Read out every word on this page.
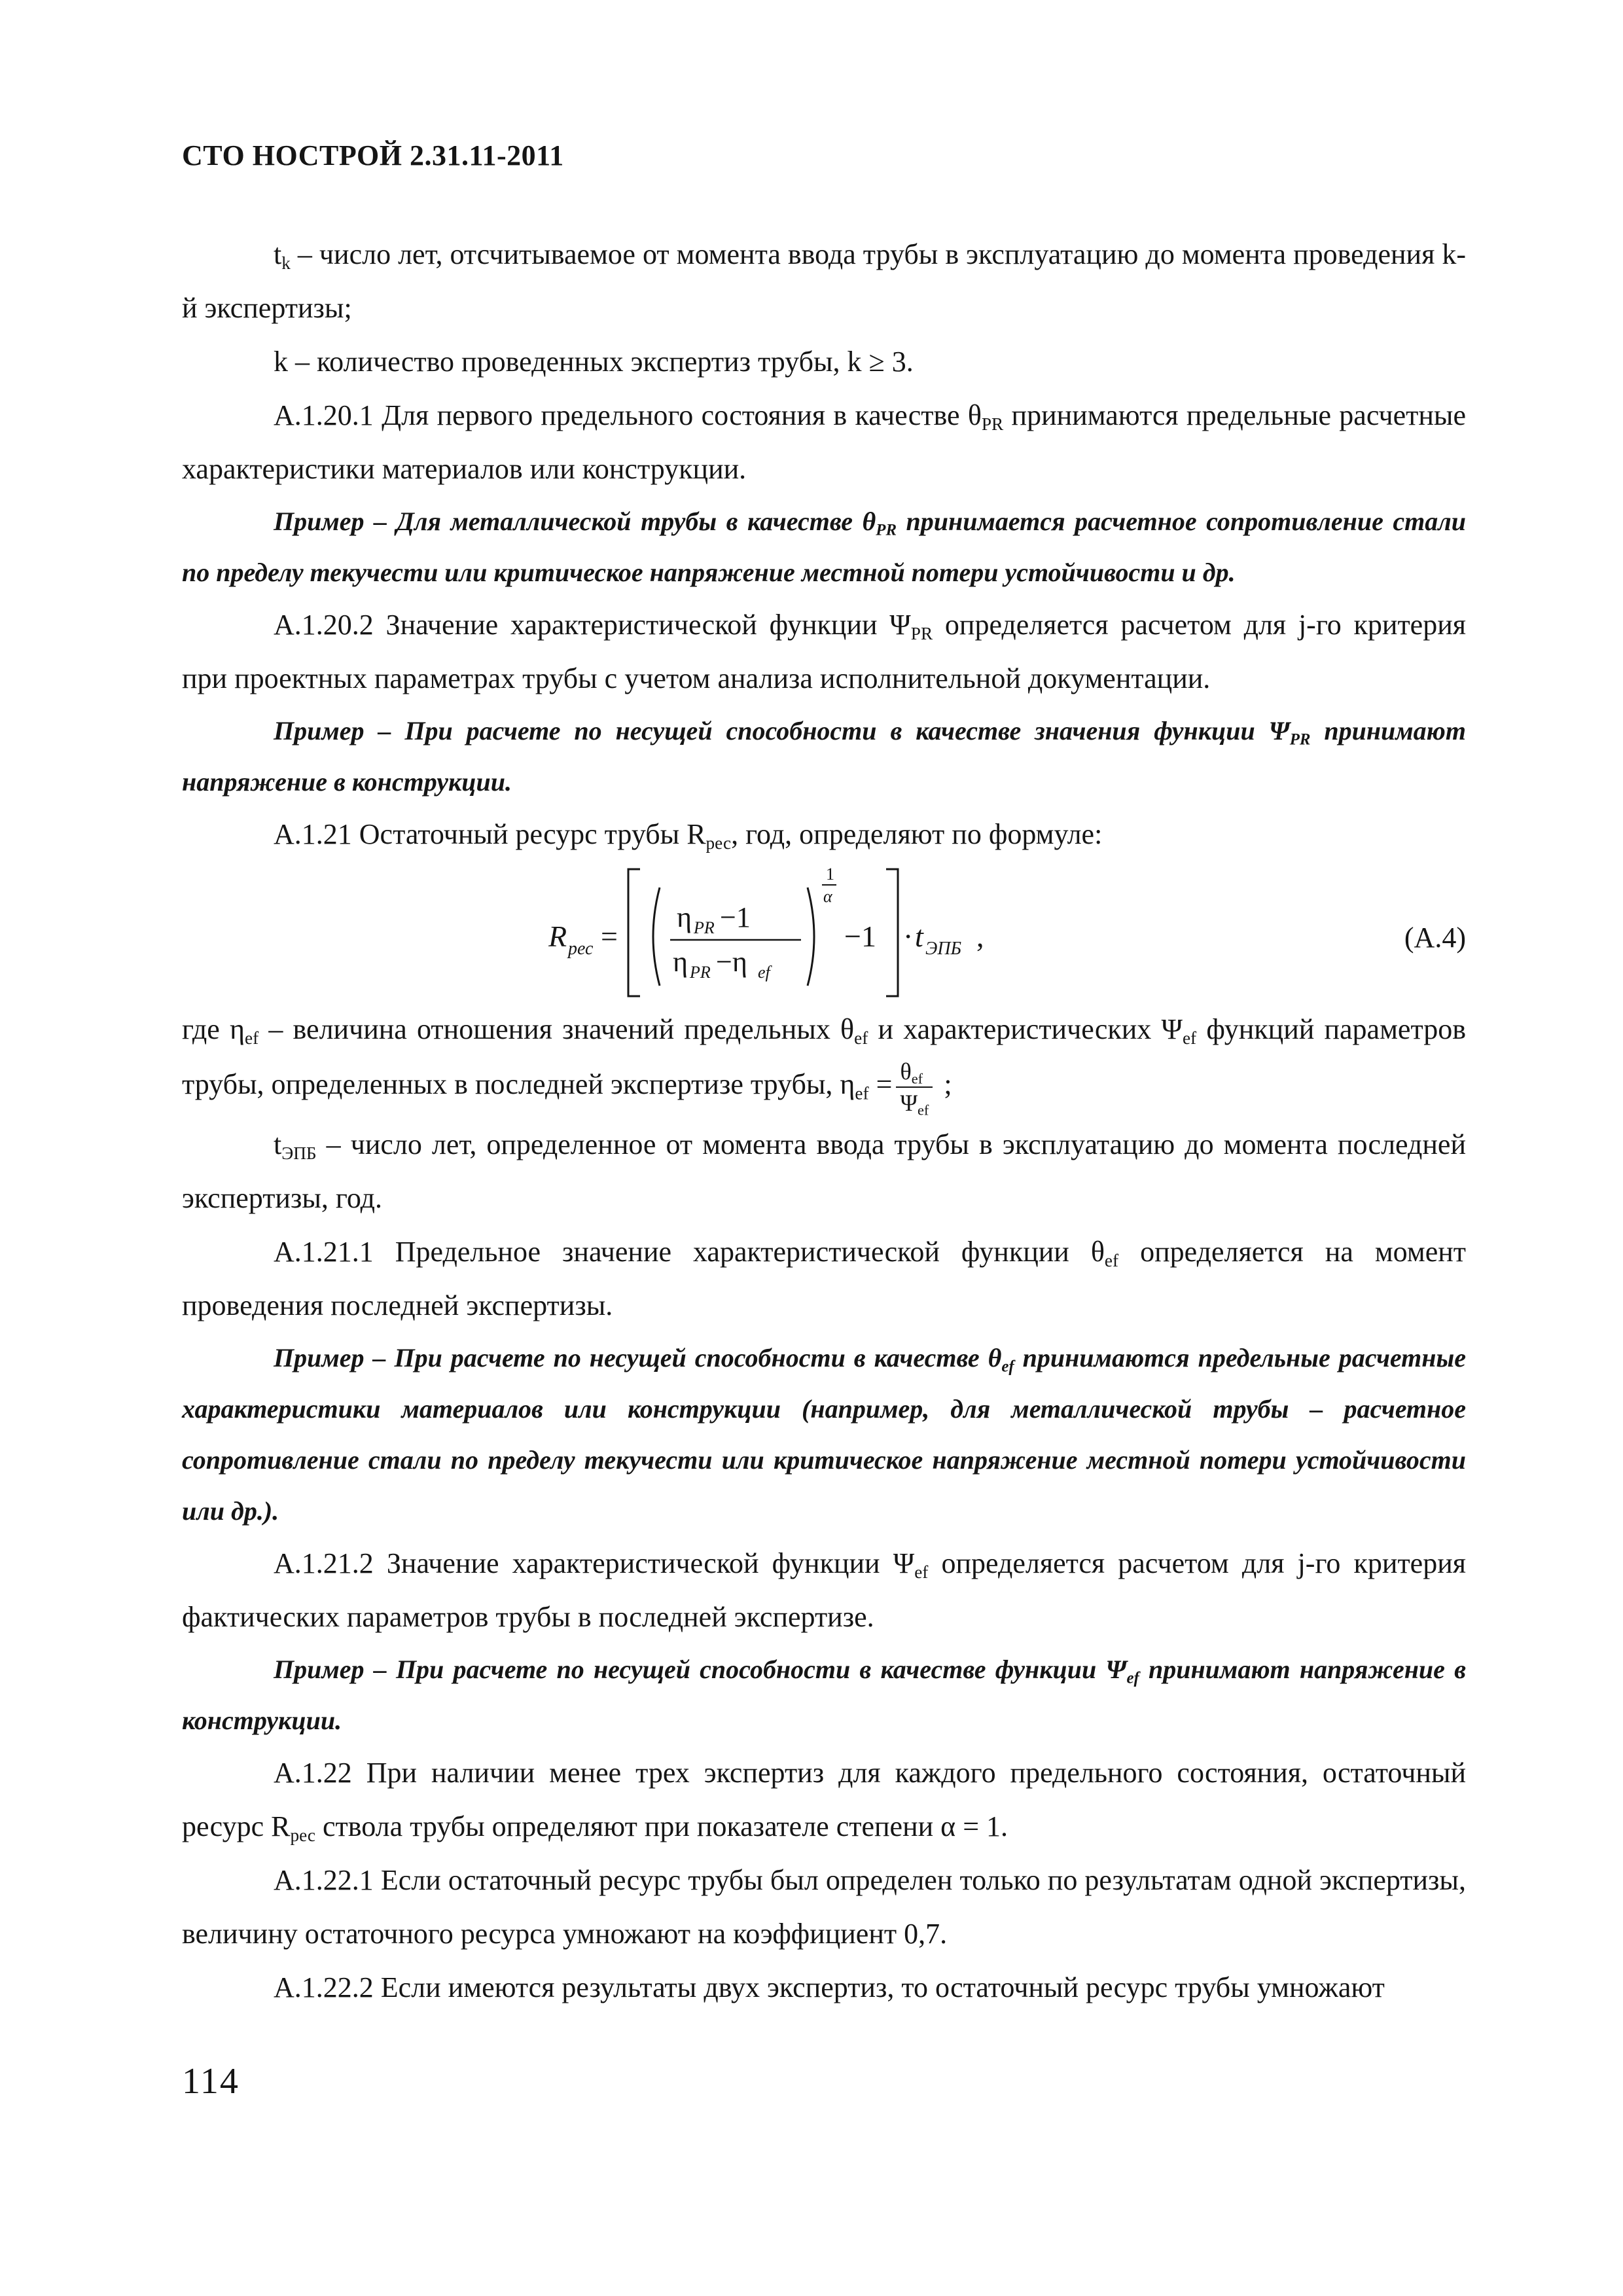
СТО НОСТРОЙ 2.31.11-2011

$t_k$ – число лет, отсчитываемое от момента ввода трубы в эксплуатацию до момента проведения k-й экспертизы;

k – количество проведенных экспертиз трубы, k ≥ 3.

А.1.20.1 Для первого предельного состояния в качестве $\theta_{PR}$ принимаются предельные расчетные характеристики материалов или конструкции.

Пример – Для металлической трубы в качестве $\theta_{PR}$ принимается расчетное сопротивление стали по пределу текучести или критическое напряжение местной потери устойчивости и др.

А.1.20.2 Значение характеристической функции $\Psi_{PR}$ определяется расчетом для j-го критерия при проектных параметрах трубы с учетом анализа исполнительной документации.

Пример – При расчете по несущей способности в качестве значения функции $\Psi_{PR}$ принимают напряжение в конструкции.

А.1.21 Остаточный ресурс трубы $R_{рес}$, год, определяют по формуле:

R рес =
η PR −1
η PR −η ef
1
α
−1 · t ЭПБ ,	(А.4)

где $\eta_{ef}$ – величина отношения значений предельных $\theta_{ef}$ и характеристических $\Psi_{ef}$ функций параметров трубы, определенных в последней экспертизе трубы, $\eta_{ef} = \frac{\theta_{ef}}{\Psi_{ef}}$ ;

$t_{ЭПБ}$ – число лет, определенное от момента ввода трубы в эксплуатацию до момента последней экспертизы, год.

А.1.21.1 Предельное значение характеристической функции $\theta_{ef}$ определяется на момент проведения последней экспертизы.

Пример – При расчете по несущей способности в качестве $\theta_{ef}$ принимаются предельные расчетные характеристики материалов или конструкции (например, для металлической трубы – расчетное сопротивление стали по пределу текучести или критическое напряжение местной потери устойчивости или др.).

А.1.21.2 Значение характеристической функции $\Psi_{ef}$ определяется расчетом для j-го критерия фактических параметров трубы в последней экспертизе.

Пример – При расчете по несущей способности в качестве функции $\Psi_{ef}$ принимают напряжение в конструкции.

А.1.22 При наличии менее трех экспертиз для каждого предельного состояния, остаточный ресурс $R_{рес}$ ствола трубы определяют при показателе степени α = 1.

А.1.22.1 Если остаточный ресурс трубы был определен только по результатам одной экспертизы, величину остаточного ресурса умножают на коэффициент 0,7.

А.1.22.2 Если имеются результаты двух экспертиз, то остаточный ресурс трубы умножают

114
